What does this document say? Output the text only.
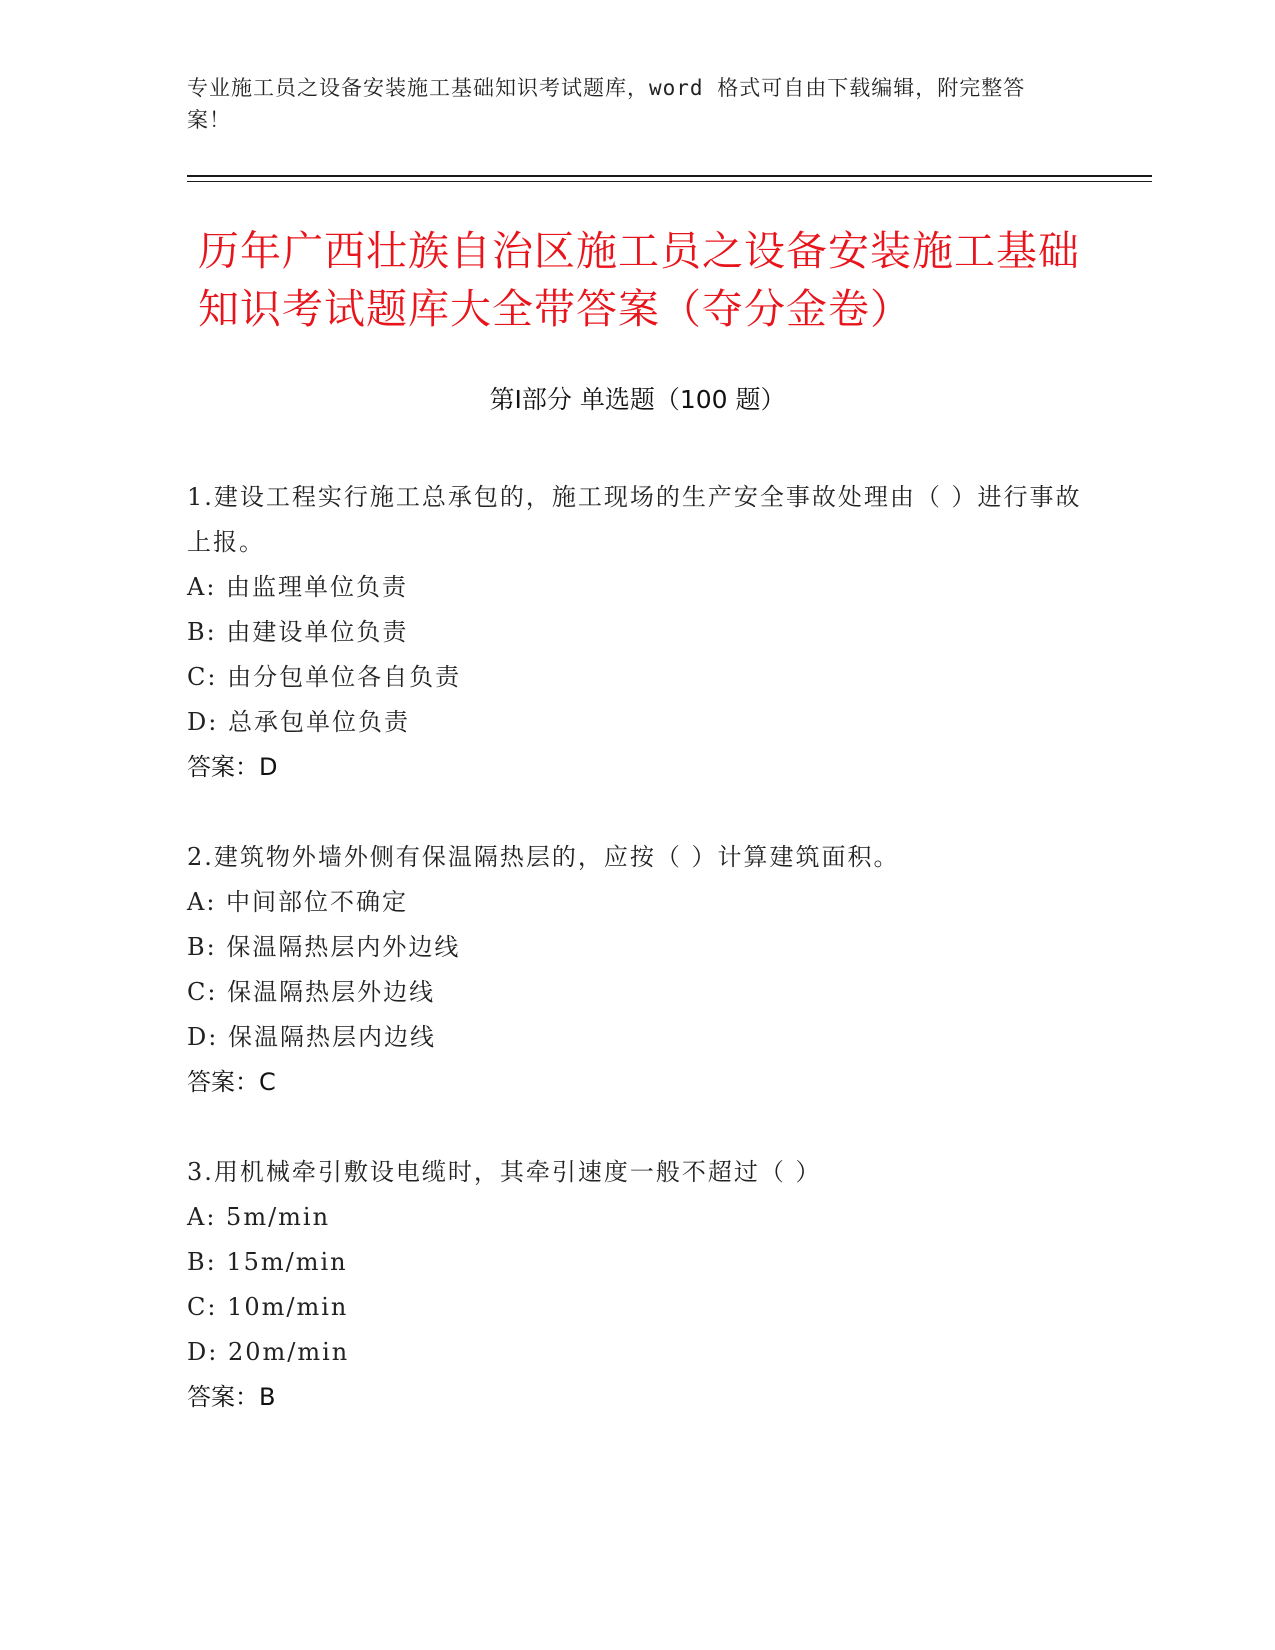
专业施工员之设备安装施工基础知识考试题库，word 格式可自由下载编辑，附完整答案！
历年广西壮族自治区施工员之设备安装施工基础知识考试题库大全带答案（夺分金卷）
第Ⅰ部分 单选题（100 题）
1.建设工程实行施工总承包的，施工现场的生产安全事故处理由（ ）进行事故上报。
A: 由监理单位负责
B: 由建设单位负责
C: 由分包单位各自负责
D: 总承包单位负责
答案：D
2.建筑物外墙外侧有保温隔热层的，应按（ ）计算建筑面积。
A: 中间部位不确定
B: 保温隔热层内外边线
C: 保温隔热层外边线
D: 保温隔热层内边线
答案：C
3.用机械牵引敷设电缆时，其牵引速度一般不超过（ ）
A: 5m/min
B: 15m/min
C: 10m/min
D: 20m/min
答案：B
